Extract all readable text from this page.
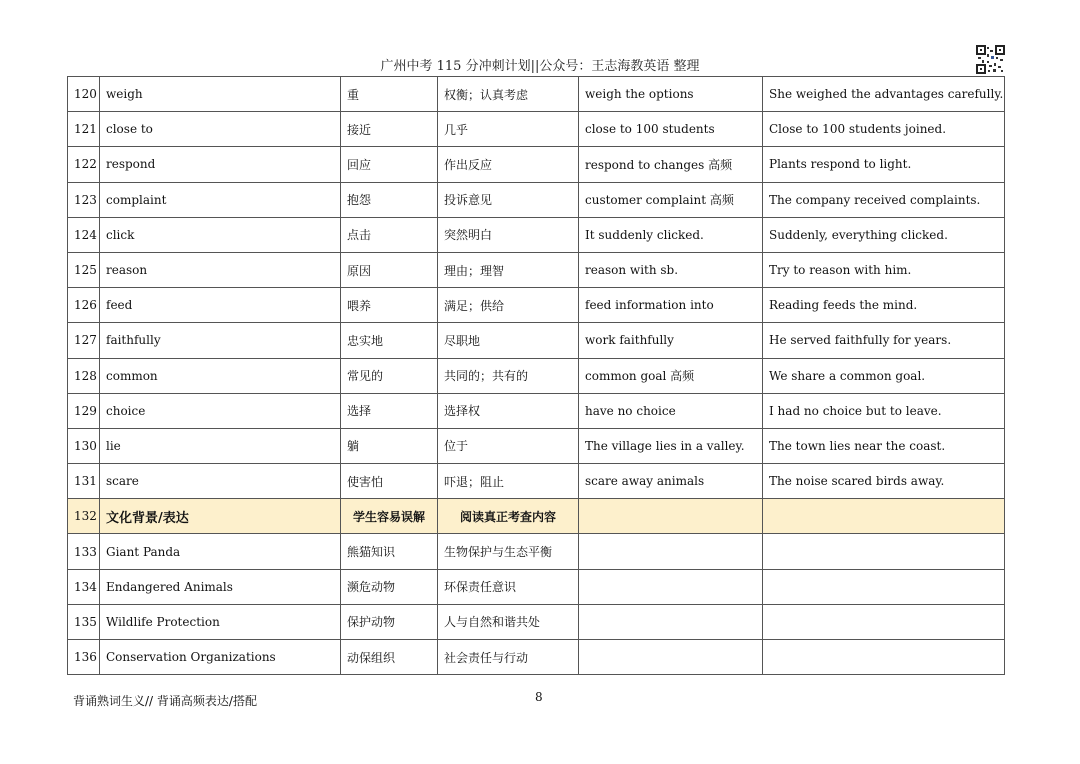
广州中考 115 分冲刺计划||公众号：王志海教英语 整理
120	weigh	重	权衡；认真考虑	weigh the options	She weighed the advantages carefully.
121	close to	接近	几乎	close to 100 students	Close to 100 students joined.
122	respond	回应	作出反应	respond to changes 高频	Plants respond to light.
123	complaint	抱怨	投诉意见	customer complaint 高频	The company received complaints.
124	click	点击	突然明白	It suddenly clicked.	Suddenly, everything clicked.
125	reason	原因	理由；理智	reason with sb.	Try to reason with him.
126	feed	喂养	满足；供给	feed information into	Reading feeds the mind.
127	faithfully	忠实地	尽职地	work faithfully	He served faithfully for years.
128	common	常见的	共同的；共有的	common goal 高频	We share a common goal.
129	choice	选择	选择权	have no choice	I had no choice but to leave.
130	lie	躺	位于	The village lies in a valley.	The town lies near the coast.
131	scare	使害怕	吓退；阻止	scare away animals	The noise scared birds away.
132	文化背景/表达	学生容易误解	阅读真正考查内容		
133	Giant Panda	熊猫知识	生物保护与生态平衡		
134	Endangered Animals	濒危动物	环保责任意识		
135	Wildlife Protection	保护动物	人与自然和谐共处		
136	Conservation Organizations	动保组织	社会责任与行动		
背诵熟词生义// 背诵高频表达/搭配	8
